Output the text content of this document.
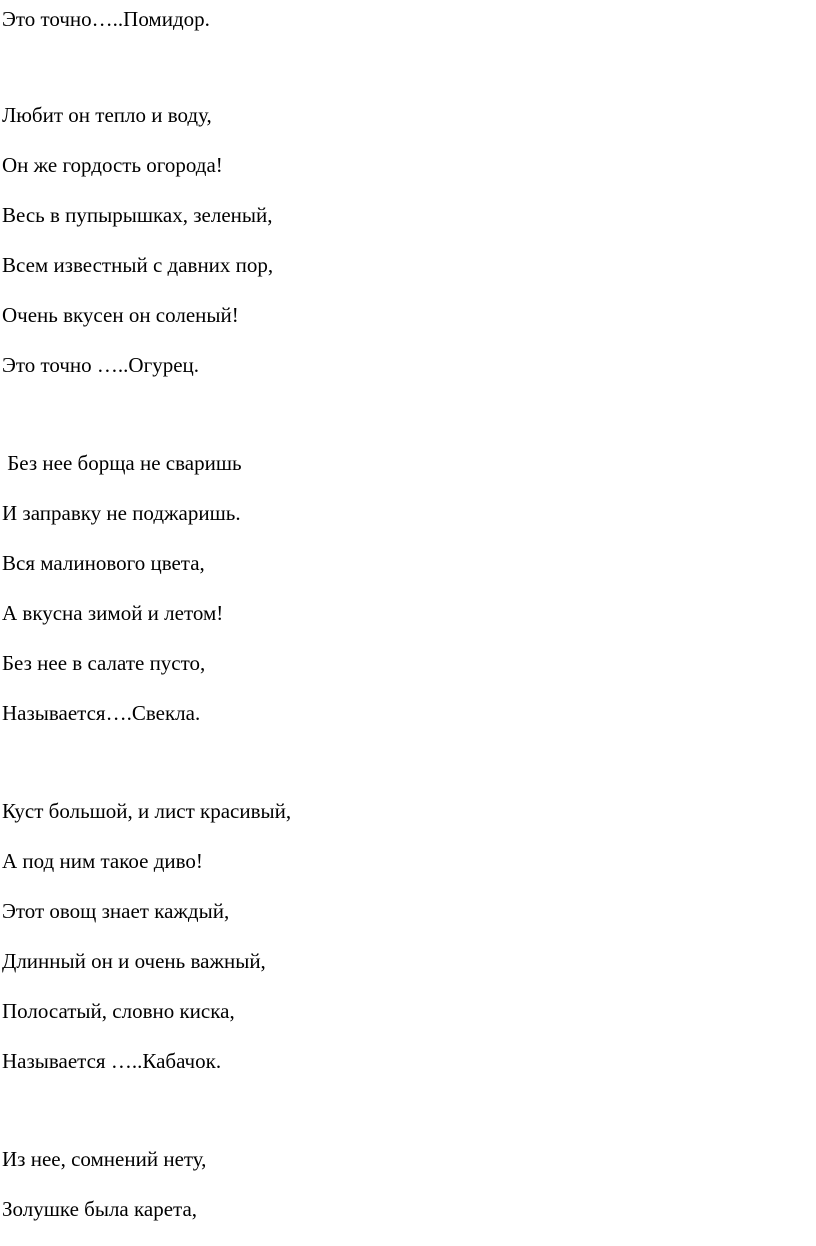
Это точно…..Помидор.

Любит он тепло и воду,

Он же гордость огорода!

Весь в пупырышках, зеленый,

Всем известный с давних пор,

Очень вкусен он соленый!

Это точно …..Огурец.

Без нее борща не сваришь

И заправку не поджаришь.

Вся малинового цвета,

А вкусна зимой и летом!

Без нее в салате пусто,

Называется….Свекла.

Куст большой, и лист красивый,

А под ним такое диво!

Этот овощ знает каждый,

Длинный он и очень важный,

Полосатый, словно киска,

Называется …..Кабачок.

Из нее, сомнений нету,

Золушке была карета,
